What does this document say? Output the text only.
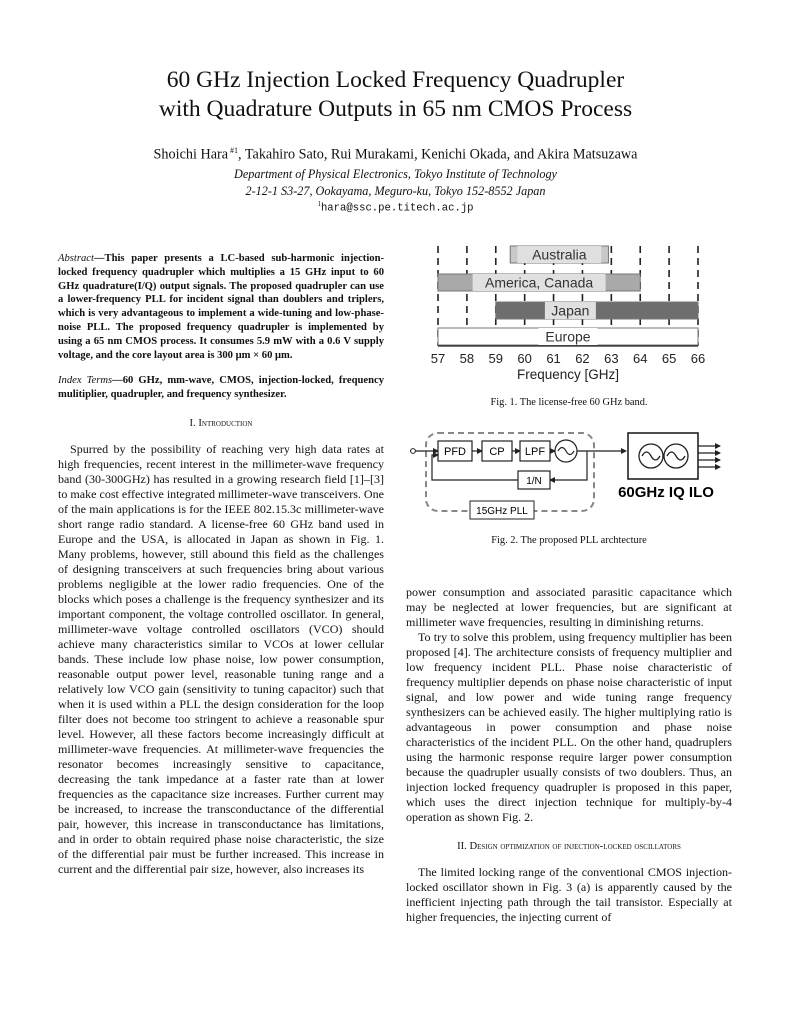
60 GHz Injection Locked Frequency Quadrupler
with Quadrature Outputs in 65 nm CMOS Process
Shoichi Hara $^{\#1}$, Takahiro Sato, Rui Murakami, Kenichi Okada, and Akira Matsuzawa
Department of Physical Electronics, Tokyo Institute of Technology
2-12-1 S3-27, Ookayama, Meguro-ku, Tokyo 152-8552 Japan
$^1$hara@ssc.pe.titech.ac.jp

Abstract—This paper presents a LC-based sub-harmonic injection-locked frequency quadrupler which multiplies a 15 GHz input to 60 GHz quadrature(I/Q) output signals. The proposed quadrupler can use a lower-frequency PLL for incident signal than doublers and triplers, which is very advantageous to implement a wide-tuning and low-phase-noise PLL. The proposed frequency quadrupler is implemented by using a 65 nm CMOS process. It consumes 5.9 mW with a 0.6 V supply voltage, and the core layout area is 300 μm × 60 μm.

Index Terms—60 GHz, mm-wave, CMOS, injection-locked, frequency mulitiplier, quadrupler, and frequency synthesizer.

I. Introduction

Spurred by the possibility of reaching very high data rates at high frequencies, recent interest in the millimeter-wave frequency band (30-300GHz) has resulted in a growing research field [1]–[3] to make cost effective integrated millimeter-wave transceivers. One of the main applications is for the IEEE 802.15.3c millimeter-wave short range radio standard. A license-free 60 GHz band used in Europe and the USA, is allocated in Japan as shown in Fig. 1. Many problems, however, still abound this field as the challenges of designing transceivers at such frequencies bring about various problems negligible at the lower radio frequencies. One of the blocks which poses a challenge is the frequency synthesizer and its important component, the voltage controlled oscillator. In general, millimeter-wave voltage controlled oscillators (VCO) should achieve many characteristics similar to VCOs at lower cellular bands. These include low phase noise, low power consumption, reasonable output power level, reasonable tuning range and a relatively low VCO gain (sensitivity to tuning capacitor) such that when it is used within a PLL the design consideration for the loop filter does not become too stringent to achieve a reasonable spur level. However, all these factors become increasingly difficult at millimeter-wave frequencies. At millimeter-wave frequencies the resonator becomes increasingly sensitive to capacitance, decreasing the tank impedance at a faster rate than at lower frequencies as the capacitance size increases. Further current may be increased, to increase the transconductance of the differential pair, however, this increase in transconductance has limitations, and in order to obtain required phase noise characteristic, the size of the differential pair must be further increased. This increase in current and the differential pair size, however, also increases its

power consumption and associated parasitic capacitance which may be neglected at lower frequencies, but are significant at millimeter wave frequencies, resulting in diminishing returns.

To try to solve this problem, using frequency multiplier has been proposed [4]. The architecture consists of frequency multiplier and low frequency incident PLL. Phase noise characteristic of frequency multiplier depends on phase noise characteristic of input signal, and low power and wide tuning range frequency synthesizers can be achieved easily. The higher multiplying ratio is advantageous in power consumption and phase noise characteristics of the incident PLL. On the other hand, quadruplers using the harmonic response require larger power consumption because the quadrupler usually consists of two doublers. Thus, an injection locked frequency quadrupler is proposed in this paper, which uses the direct injection technique for multiply-by-4 operation as shown Fig. 2.

II. Design optimization of injection-locked oscillators

The limited locking range of the conventional CMOS injection-locked oscillator shown in Fig. 3 (a) is apparently caused by the inefficient injecting path through the tail transistor. Especially at higher frequencies, the injecting current of

Australia
America, Canada
Japan
Europe
57 58 59 60 61 62 63 64 65 66
Frequency [GHz]
Fig. 1. The license-free 60 GHz band.
PFD CP LPF
1/N
15GHz PLL
60GHz IQ ILO
Fig. 2. The proposed PLL archtecture
